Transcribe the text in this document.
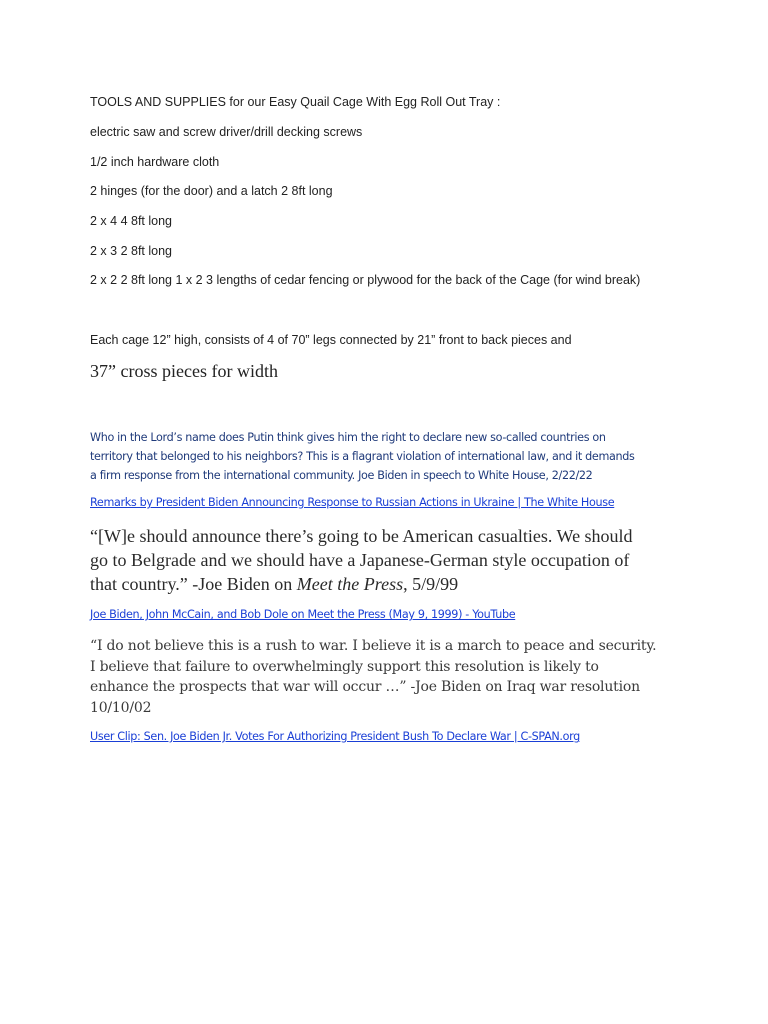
TOOLS AND SUPPLIES for our Easy Quail Cage With Egg Roll Out Tray :
electric saw and screw driver/drill decking screws
1/2 inch hardware cloth
2 hinges (for the door) and a latch 2 8ft long
2 x 4 4 8ft long
2 x 3 2 8ft long
2 x 2 2 8ft long 1 x 2 3 lengths of cedar fencing or plywood for the back of the Cage (for wind break)
Each cage 12” high, consists of 4 of 70” legs connected by 21” front to back pieces and
37” cross pieces for width
Who in the Lord’s name does Putin think gives him the right to declare new so-called countries on
territory that belonged to his neighbors? This is a flagrant violation of international law, and it demands
a firm response from the international community. Joe Biden in speech to White House, 2/22/22
Remarks by President Biden Announcing Response to Russian Actions in Ukraine | The White House
“[W]e should announce there’s going to be American casualties. We should
go to Belgrade and we should have a Japanese-German style occupation of
that country.” -Joe Biden on Meet the Press, 5/9/99
Joe Biden, John McCain, and Bob Dole on Meet the Press (May 9, 1999) - YouTube
“I do not believe this is a rush to war. I believe it is a march to peace and security.
I believe that failure to overwhelmingly support this resolution is likely to
enhance the prospects that war will occur …” -Joe Biden on Iraq war resolution
10/10/02
User Clip: Sen. Joe Biden Jr. Votes For Authorizing President Bush To Declare War | C-SPAN.org
